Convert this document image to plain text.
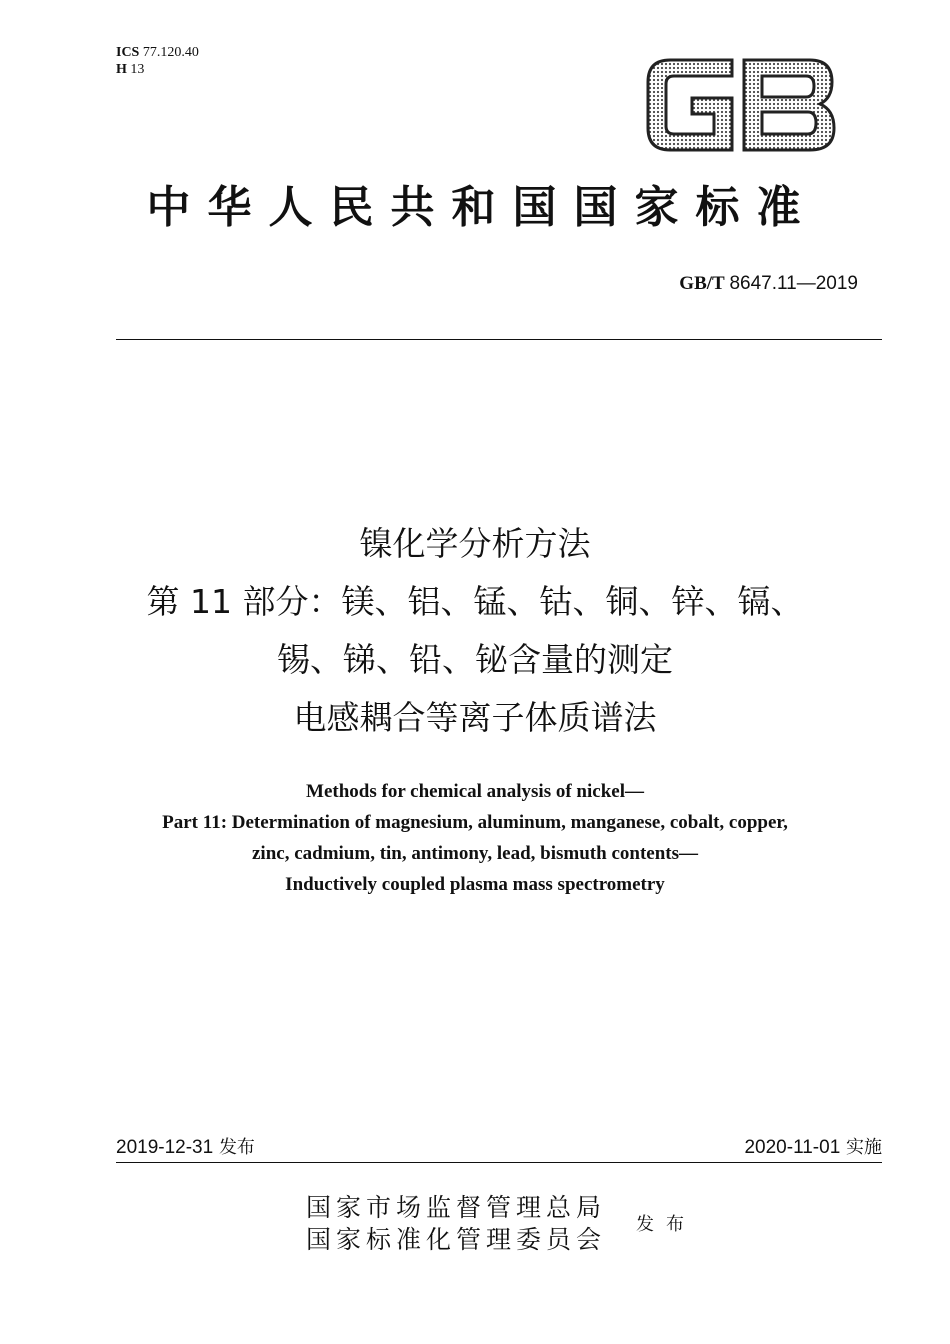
ICS 77.120.40
H 13
中华人民共和国国家标准
GB/T 8647.11—2019
镍化学分析方法
第 11 部分：镁、铝、锰、钴、铜、锌、镉、
锡、锑、铅、铋含量的测定
电感耦合等离子体质谱法
Methods for chemical analysis of nickel—
Part 11: Determination of magnesium, aluminum, manganese, cobalt, copper,
zinc, cadmium, tin, antimony, lead, bismuth contents—
Inductively coupled plasma mass spectrometry
2019-12-31 发布	2020-11-01 实施
国家市场监督管理总局
国家标准化管理委员会
发布
